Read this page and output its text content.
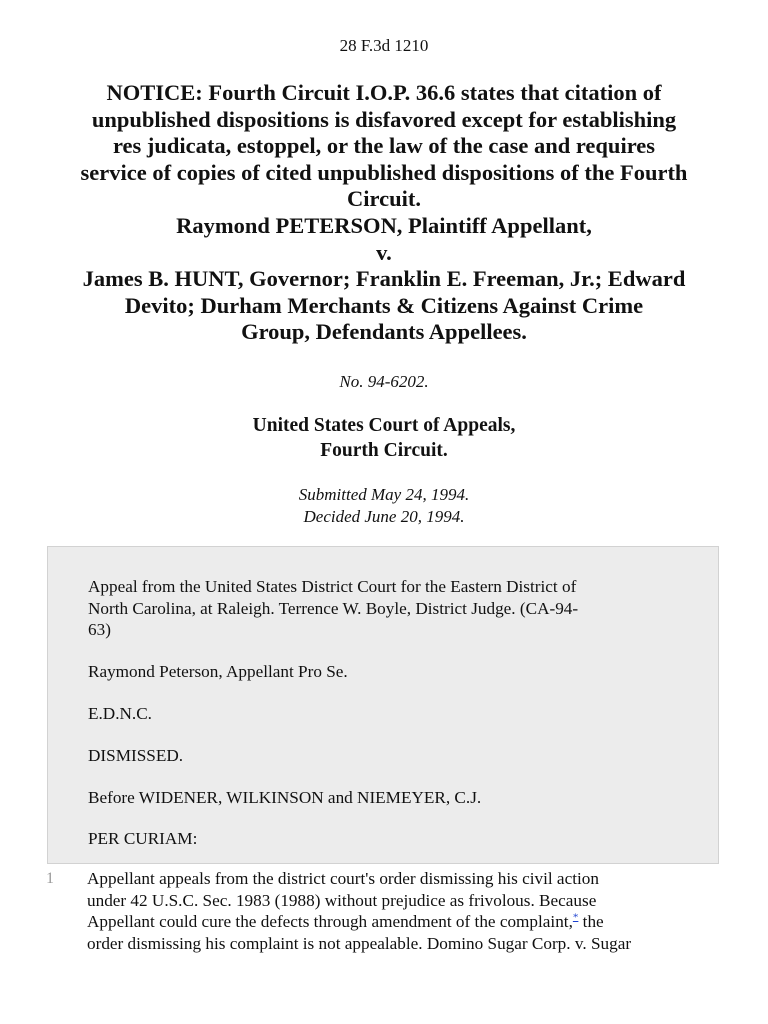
28 F.3d 1210
NOTICE: Fourth Circuit I.O.P. 36.6 states that citation of
unpublished dispositions is disfavored except for establishing
res judicata, estoppel, or the law of the case and requires
service of copies of cited unpublished dispositions of the Fourth
Circuit.
Raymond PETERSON, Plaintiff Appellant,
v.
James B. HUNT, Governor; Franklin E. Freeman, Jr.; Edward
Devito; Durham Merchants & Citizens Against Crime
Group, Defendants Appellees.
No. 94-6202.
United States Court of Appeals,
Fourth Circuit.
Submitted May 24, 1994.
Decided June 20, 1994.

Appeal from the United States District Court for the Eastern District of
North Carolina, at Raleigh. Terrence W. Boyle, District Judge. (CA-94-
63)

Raymond Peterson, Appellant Pro Se.

E.D.N.C.

DISMISSED.

Before WIDENER, WILKINSON and NIEMEYER, C.J.

PER CURIAM:

1 Appellant appeals from the district court's order dismissing his civil action
under 42 U.S.C. Sec. 1983 (1988) without prejudice as frivolous. Because
Appellant could cure the defects through amendment of the complaint,* the
order dismissing his complaint is not appealable. Domino Sugar Corp. v. Sugar
